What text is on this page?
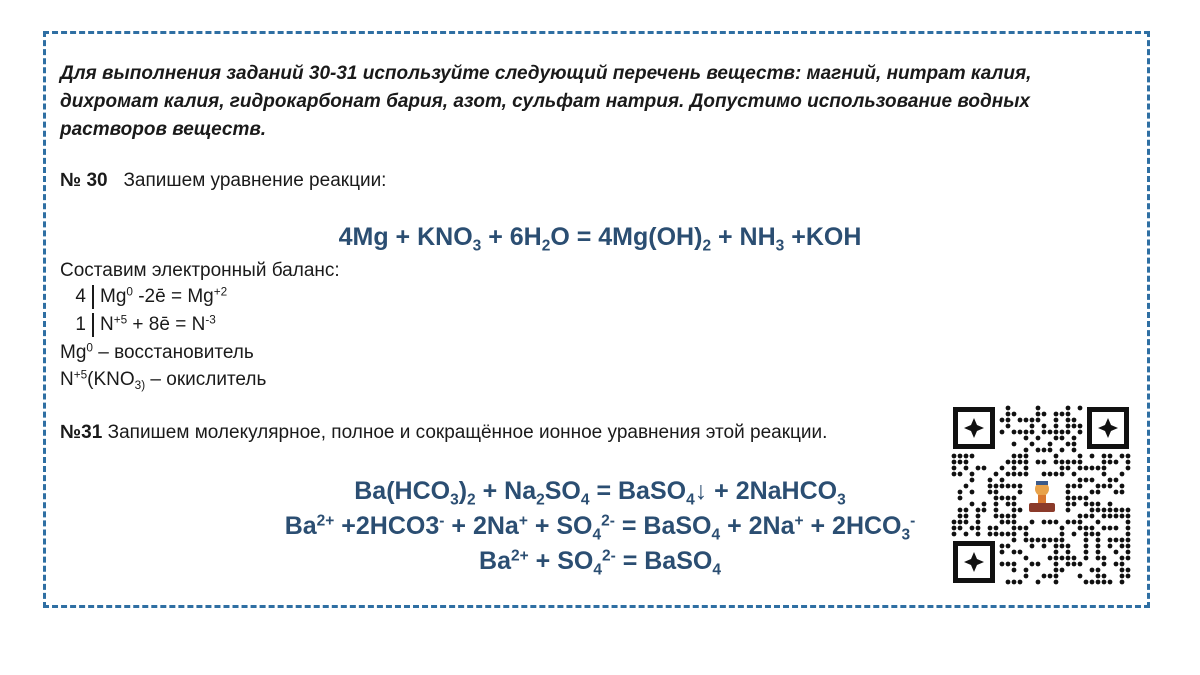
Для выполнения заданий 30-31 используйте следующий перечень веществ: магний, нитрат калия, дихромат калия, гидрокарбонат бария, азот, сульфат натрия. Допустимо использование водных растворов веществ.
№ 30 Запишем уравнение реакции:
$4Mg + KNO_3 + 6H_2O = 4Mg(OH)_2 + NH_3 +KOH$
Составим электронный баланс:
4 Mg$^0$ -2ē = $Mg^{+2}$
1 $N^{+5}$ + 8ē = $N^{-3}$
Mg$^0$ – восстановитель
$N^{+5}(KNO_{3)}$ – окислитель
№31 Запишем молекулярное, полное и сокращённое ионное уравнения этой реакции.
$Ba(HCO_3)_2 + Na_2SO_4$ = BaSO$_4$↓ + 2NaHCO$_3$
$Ba^{2+} +2HCO3^- + 2Na^+ + SO_4^{2-}$ = BaSO$_4$ + $2Na^+ + 2HCO_3^-$
$Ba^{2+} + SO_4^{2-}$ = BaSO$_4$
